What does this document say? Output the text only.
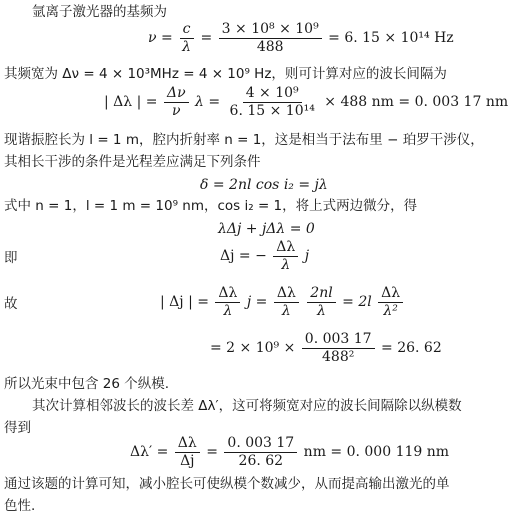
氩离子激光器的基频为
$\nu = \frac{c}{\lambda} = \frac{\text{3 × 10⁸ × 10⁹}}{488} = 6$. 15 × 10¹⁴ Hz
其频宽为 Δν = 4 × 10³MHz = 4 × 10⁹ Hz，则可计算对应的波长间隔为
| Δλ | = $\frac{\Delta\nu}{\nu}$ $\lambda = \frac{\text{4 × 10⁹}}{\text{6. 15 × 10¹⁴}} \times 488$ nm = 0. 003 17 nm
现谐振腔长为 l = 1 m，腔内折射率 n = 1，这是相当于法布里 − 珀罗干涉仪，
其相长干涉的条件是光程差应满足下列条件
δ = 2nl cos i₂ = jλ
式中 n = 1，l = 1 m = 10⁹ nm，cos i₂ = 1，将上式两边微分，得
λΔj + jΔλ = 0
即	Δj = − $\frac{\Delta\lambda}{\lambda}$ j
故	| Δj | = $\frac{\Delta\lambda}{\lambda}$ $j = \frac{\Delta\lambda}{\lambda}$
$\frac{2nl}{\lambda} = 2l \frac{\Delta\lambda}{\text{λ²}}$
= $2 \times 10^9 \times \frac{0. 003 17}{\text{488²}} = 26$. 62
所以光束中包含 26 个纵模.
其次计算相邻波长的波长差 Δλ′，这可将频宽对应的波长间隔除以纵模数
得到
$\Delta\lambda' = \frac{\Delta\lambda}{\Delta j} = \frac{0. 003 17}{26. 62}$ nm = 0. 000 119 nm
通过该题的计算可知，减小腔长可使纵模个数减少，从而提高输出激光的单
色性.
